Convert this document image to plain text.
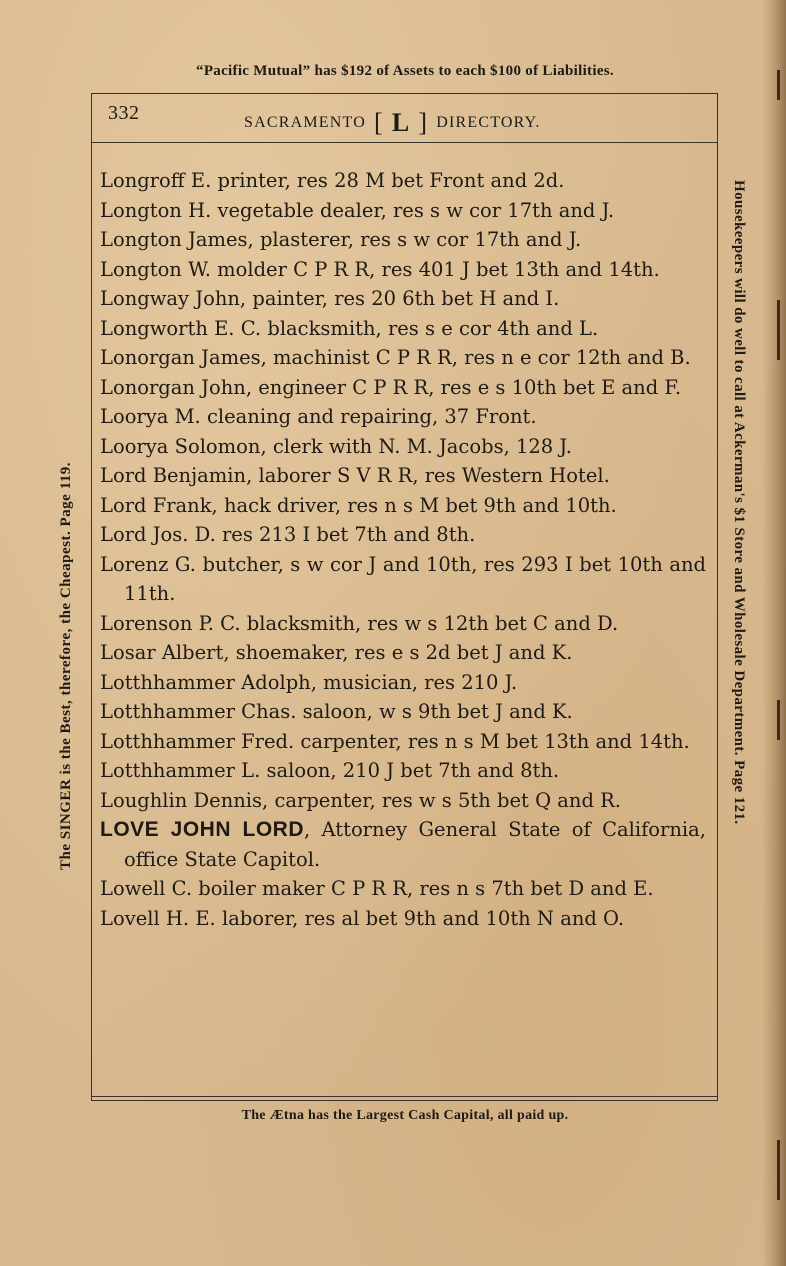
“Pacific Mutual” has $192 of Assets to each $100 of Liabilities.
The SINGER is the Best, therefore, the Cheapest. Page 119.	Housekeepers will do well to call at Ackerman's $1 Store and Wholesale Department. Page 121.
332	SACRAMENTO [ L ] DIRECTORY.
Longroff E. printer, res 28 M bet Front and 2d.
Longton H. vegetable dealer, res s w cor 17th and J.
Longton James, plasterer, res s w cor 17th and J.
Longton W. molder C P R R, res 401 J bet 13th and 14th.
Longway John, painter, res 20 6th bet H and I.
Longworth E. C. blacksmith, res s e cor 4th and L.
Lonorgan James, machinist C P R R, res n e cor 12th and B.
Lonorgan John, engineer C P R R, res e s 10th bet E and F.
Loorya M. cleaning and repairing, 37 Front.
Loorya Solomon, clerk with N. M. Jacobs, 128 J.
Lord Benjamin, laborer S V R R, res Western Hotel.
Lord Frank, hack driver, res n s M bet 9th and 10th.
Lord Jos. D. res 213 I bet 7th and 8th.
Lorenz G. butcher, s w cor J and 10th, res 293 I bet 10th and 11th.
Lorenson P. C. blacksmith, res w s 12th bet C and D.
Losar Albert, shoemaker, res e s 2d bet J and K.
Lotthhammer Adolph, musician, res 210 J.
Lotthhammer Chas. saloon, w s 9th bet J and K.
Lotthhammer Fred. carpenter, res n s M bet 13th and 14th.
Lotthhammer L. saloon, 210 J bet 7th and 8th.
Loughlin Dennis, carpenter, res w s 5th bet Q and R.
LOVE JOHN LORD, Attorney General State of California, office State Capitol.
Lowell C. boiler maker C P R R, res n s 7th bet D and E.
Lovell H. E. laborer, res al bet 9th and 10th N and O.
The Ætna has the Largest Cash Capital, all paid up.
